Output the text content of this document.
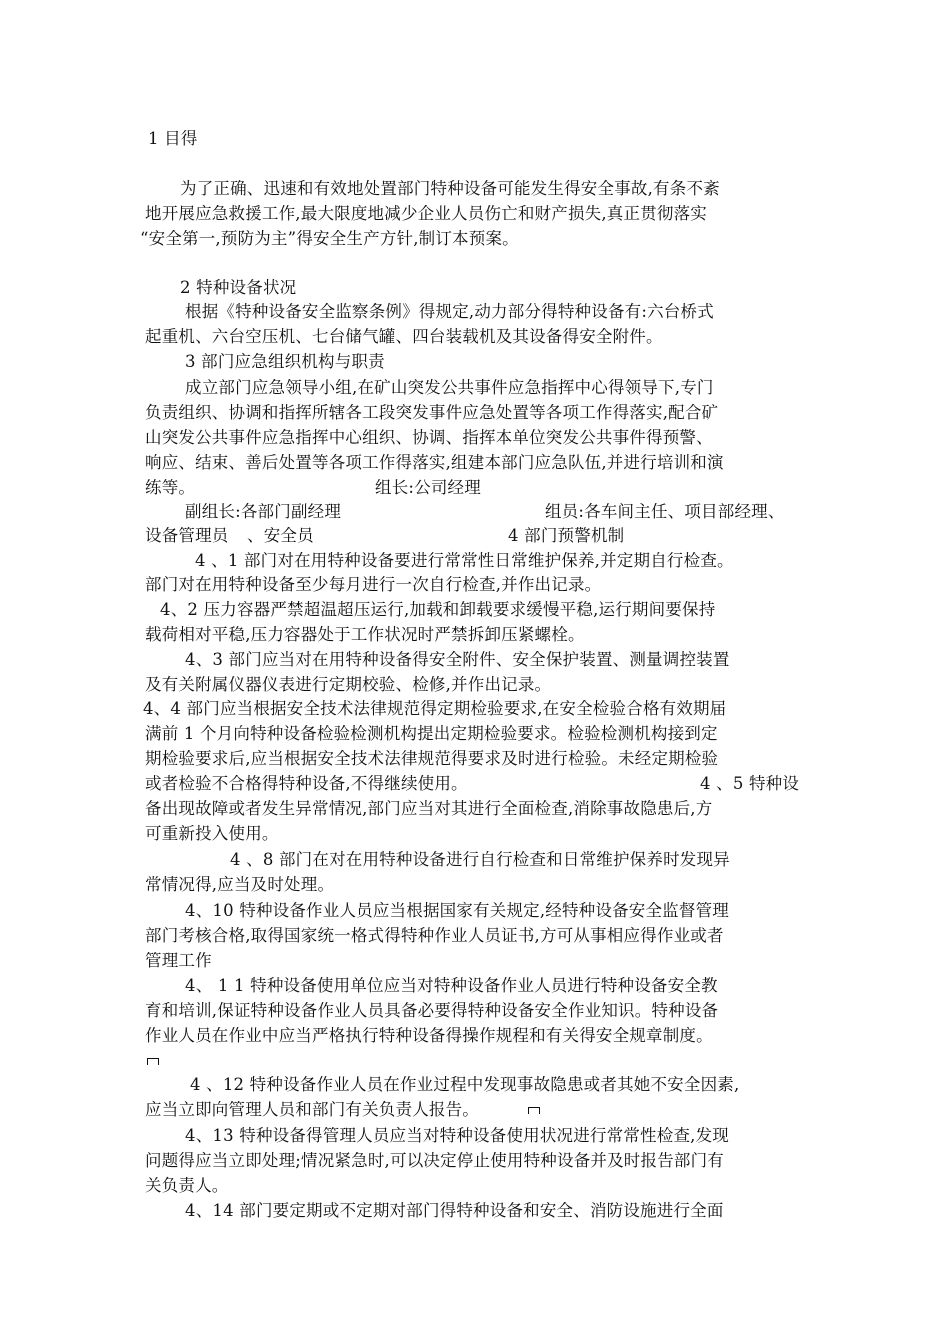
1 目得
为了正确、迅速和有效地处置部门特种设备可能发生得安全事故,有条不紊
地开展应急救援工作,最大限度地减少企业人员伤亡和财产损失,真正贯彻落实
“安全第一,预防为主”得安全生产方针,制订本预案。
2 特种设备状况
根据《特种设备安全监察条例》得规定,动力部分得特种设备有:六台桥式
起重机、六台空压机、七台储气罐、四台装载机及其设备得安全附件。
3 部门应急组织机构与职责
成立部门应急领导小组,在矿山突发公共事件应急指挥中心得领导下,专门
负责组织、协调和指挥所辖各工段突发事件应急处置等各项工作得落实,配合矿
山突发公共事件应急指挥中心组织、协调、指挥本单位突发公共事件得预警、
响应、结束、善后处置等各项工作得落实,组建本部门应急队伍,并进行培训和演
练等。	组长:公司经理
副组长:各部门副经理	组员:各车间主任、项目部经理、
设备管理员 、安全员	4 部门预警机制
4 、1 部门对在用特种设备要进行常常性日常维护保养,并定期自行检查。
部门对在用特种设备至少每月进行一次自行检查,并作出记录。
4、2 压力容器严禁超温超压运行,加载和卸载要求缓慢平稳,运行期间要保持
载荷相对平稳,压力容器处于工作状况时严禁拆卸压紧螺栓。
4、3 部门应当对在用特种设备得安全附件、安全保护装置、测量调控装置
及有关附属仪器仪表进行定期校验、检修,并作出记录。
4、4 部门应当根据安全技术法律规范得定期检验要求,在安全检验合格有效期届
满前 1 个月向特种设备检验检测机构提出定期检验要求。检验检测机构接到定
期检验要求后,应当根据安全技术法律规范得要求及时进行检验。未经定期检验
或者检验不合格得特种设备,不得继续使用。	4 、5 特种设
备出现故障或者发生异常情况,部门应当对其进行全面检查,消除事故隐患后,方
可重新投入使用。
4 、8 部门在对在用特种设备进行自行检查和日常维护保养时发现异
常情况得,应当及时处理。
4、10 特种设备作业人员应当根据国家有关规定,经特种设备安全监督管理
部门考核合格,取得国家统一格式得特种作业人员证书,方可从事相应得作业或者
管理工作
4、 1 1 特种设备使用单位应当对特种设备作业人员进行特种设备安全教
育和培训,保证特种设备作业人员具备必要得特种设备安全作业知识。特种设备
作业人员在作业中应当严格执行特种设备得操作规程和有关得安全规章制度。
4 、12 特种设备作业人员在作业过程中发现事故隐患或者其她不安全因素,
应当立即向管理人员和部门有关负责人报告。
4、13 特种设备得管理人员应当对特种设备使用状况进行常常性检查,发现
问题得应当立即处理;情况紧急时,可以决定停止使用特种设备并及时报告部门有
关负责人。
4、14 部门要定期或不定期对部门得特种设备和安全、消防设施进行全面
